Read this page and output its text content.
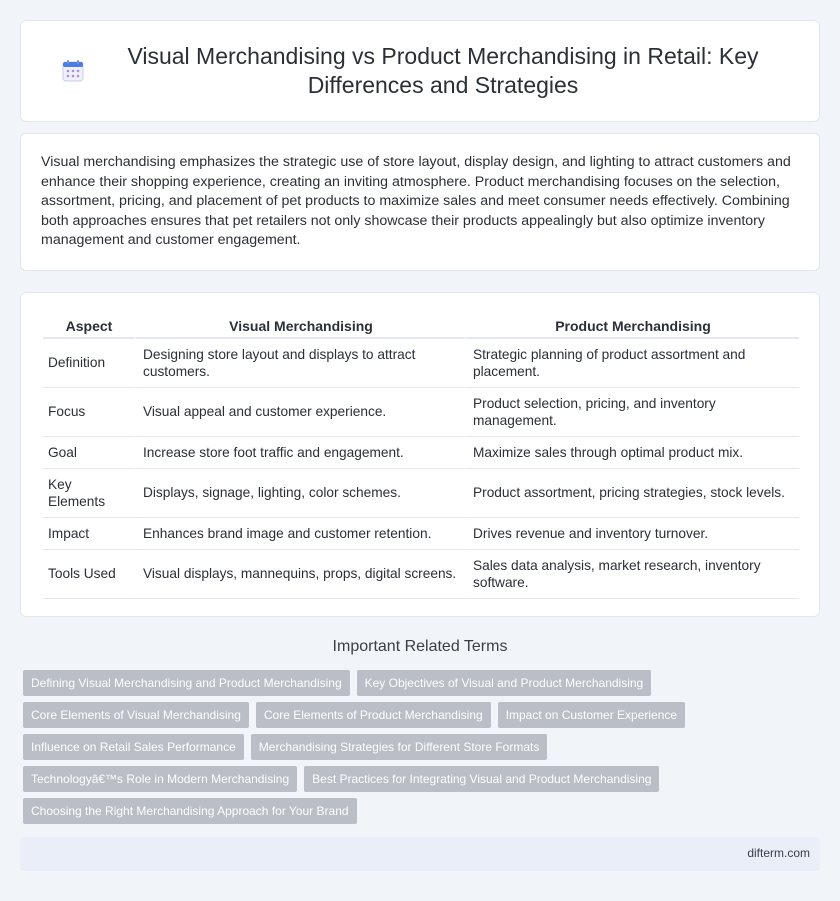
Visual Merchandising vs Product Merchandising in Retail: Key Differences and Strategies

Visual merchandising emphasizes the strategic use of store layout, display design, and lighting to attract customers and enhance their shopping experience, creating an inviting atmosphere. Product merchandising focuses on the selection, assortment, pricing, and placement of pet products to maximize sales and meet consumer needs effectively. Combining both approaches ensures that pet retailers not only showcase their products appealingly but also optimize inventory management and customer engagement.

Aspect	Visual Merchandising	Product Merchandising
Definition	Designing store layout and displays to attract customers.	Strategic planning of product assortment and placement.
Focus	Visual appeal and customer experience.	Product selection, pricing, and inventory management.
Goal	Increase store foot traffic and engagement.	Maximize sales through optimal product mix.
Key Elements	Displays, signage, lighting, color schemes.	Product assortment, pricing strategies, stock levels.
Impact	Enhances brand image and customer retention.	Drives revenue and inventory turnover.
Tools Used	Visual displays, mannequins, props, digital screens.	Sales data analysis, market research, inventory software.
Important Related Terms
Defining Visual Merchandising and Product Merchandising	Key Objectives of Visual and Product Merchandising
Core Elements of Visual Merchandising	Core Elements of Product Merchandising	Impact on Customer Experience
Influence on Retail Sales Performance	Merchandising Strategies for Different Store Formats
Technologyâ€™s Role in Modern Merchandising	Best Practices for Integrating Visual and Product Merchandising
Choosing the Right Merchandising Approach for Your Brand
difterm.com
